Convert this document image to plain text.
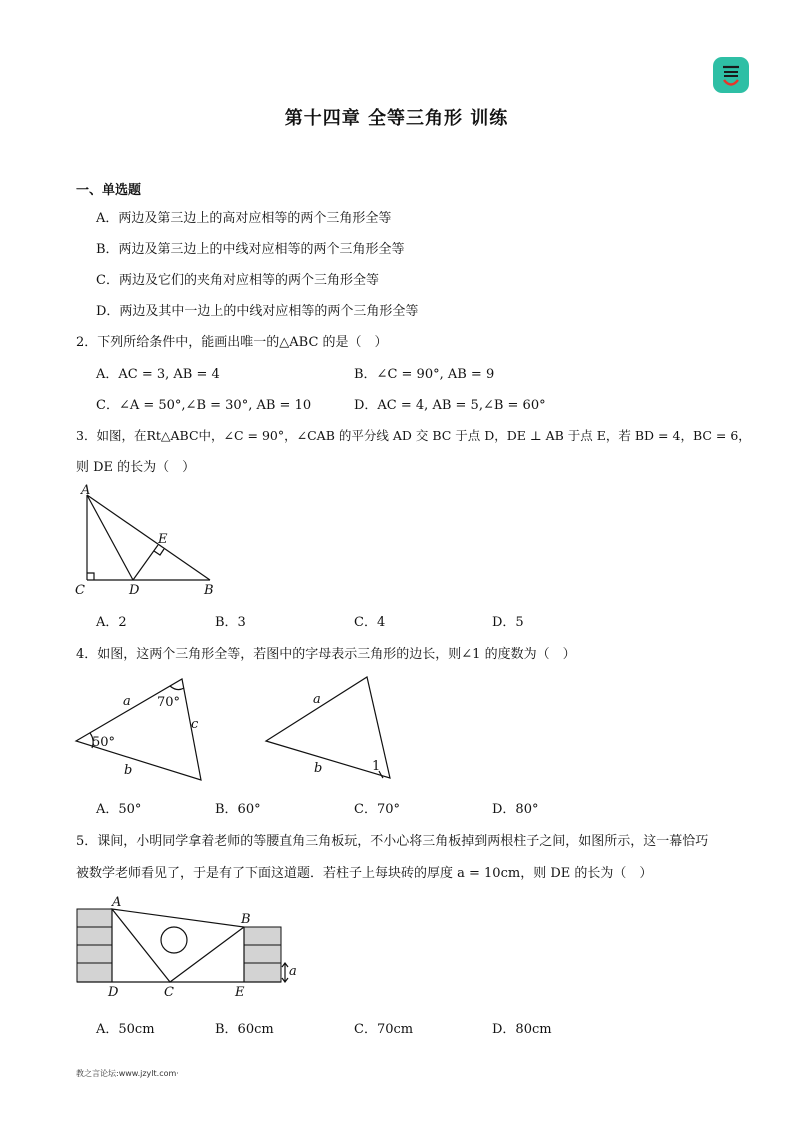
第十四章 全等三角形 训练
一、单选题
A．两边及第三边上的高对应相等的两个三角形全等
B．两边及第三边上的中线对应相等的两个三角形全等
C．两边及它们的夹角对应相等的两个三角形全等
D．两边及其中一边上的中线对应相等的两个三角形全等
2．下列所给条件中，能画出唯一的△ABC 的是（　）
A．AC = 3, AB = 4	B．∠C = 90°, AB = 9
C．∠A = 50°,∠B = 30°, AB = 10	D．AC = 4, AB = 5,∠B = 60°
3．如图，在Rt△ABC中，∠C = 90°，∠CAB 的平分线 AD 交 BC 于点 D，DE ⊥ AB 于点 E，若 BD = 4，BC = 6，
则 DE 的长为（　）
A
C	D	B
E
A．2	B．3	C．4	D．5
4．如图，这两个三角形全等，若图中的字母表示三角形的边长，则∠1 的度数为（　）
a
c
b
70°
50°
a
b	1
A．50°	B．60°	C．70°	D．80°
5．课间，小明同学拿着老师的等腰直角三角板玩，不小心将三角板掉到两根柱子之间，如图所示，这一幕恰巧
被数学老师看见了，于是有了下面这道题．若柱子上每块砖的厚度 a = 10cm，则 DE 的长为（　）
A
B
C
D	E
a
A．50cm	B．60cm	C．70cm	D．80cm
教之言论坛:www.jzylt.com·
